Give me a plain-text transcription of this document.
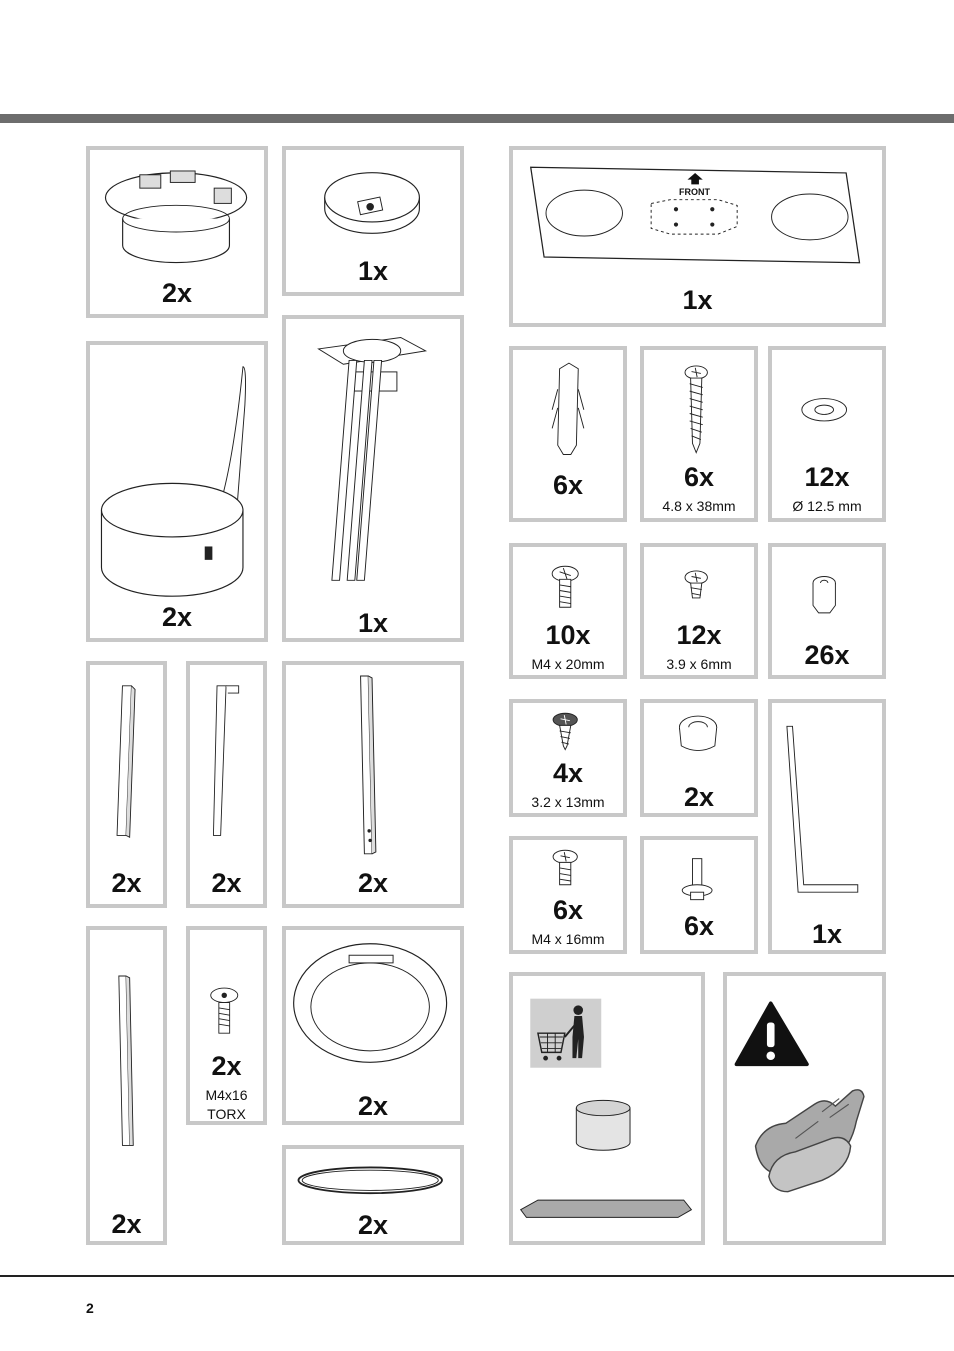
2x
1x
FRONT
1x
2x	1x
6x	6x
4.8 x 38mm
12x
Ø 12.5 mm
10x
M4 x 20mm
12x
3.9 x 6mm	26x
2x	2x	2x
4x
3.2 x 13mm	2x
1x
6x
M4 x 16mm	6x
2x
2x
M4x16
TORX	2x
2x
2
